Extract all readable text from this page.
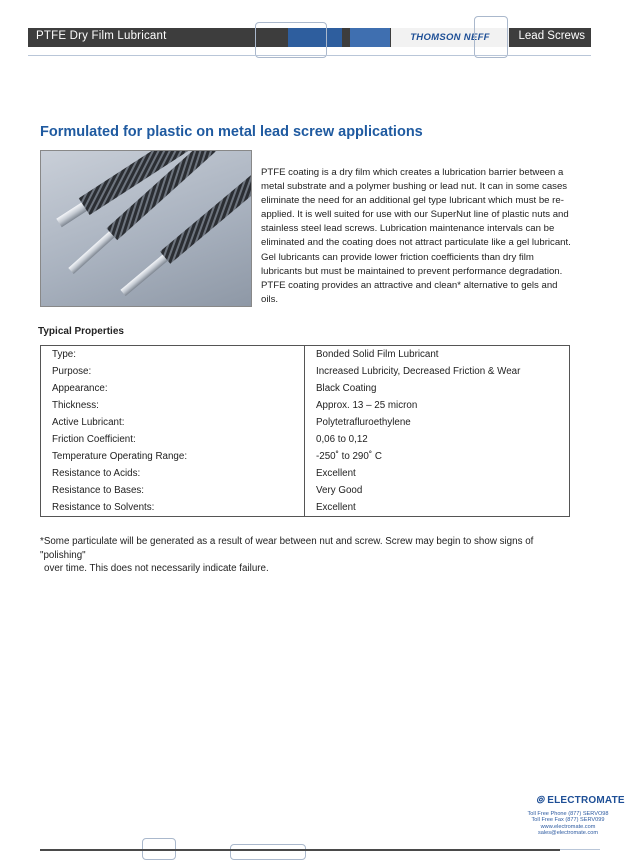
PTFE Dry Film Lubricant	Lead Screws
THOMSON NEFF
Formulated for plastic on metal lead screw applications
PTFE coating is a dry film which creates a lubrication barrier between a metal substrate and a polymer bushing or lead nut. It can in some cases eliminate the need for an additional gel type lubricant which must be re-applied. It is well suited for use with our SuperNut line of plastic nuts and stainless steel lead screws. Lubrication maintenance intervals can be eliminated and the coating does not attract particulate like a gel lubricant. Gel lubricants can provide lower friction coefficients than dry film lubricants but must be maintained to prevent performance degradation. PTFE coating provides an attractive and clean* alternative to gels and oils.
Typical Properties
Type:	Bonded Solid Film Lubricant
Purpose:	Increased Lubricity, Decreased Friction & Wear
Appearance:	Black Coating
Thickness:	Approx. 13 – 25 micron
Active Lubricant:	Polytetrafluroethylene
Friction Coefficient:	0,06 to 0,12
Temperature Operating Range:	-250˚ to 290˚ C
Resistance to Acids:	Excellent
Resistance to Bases:	Very Good
Resistance to Solvents:	Excellent
*Some particulate will be generated as a result of wear between nut and screw. Screw may begin to show signs of "polishing"
over time. This does not necessarily indicate failure.
⦾ ELECTROMATE
Toll Free Phone (877) SERVO98
Toll Free Fax (877) SERV099
www.electromate.com
sales@electromate.com
